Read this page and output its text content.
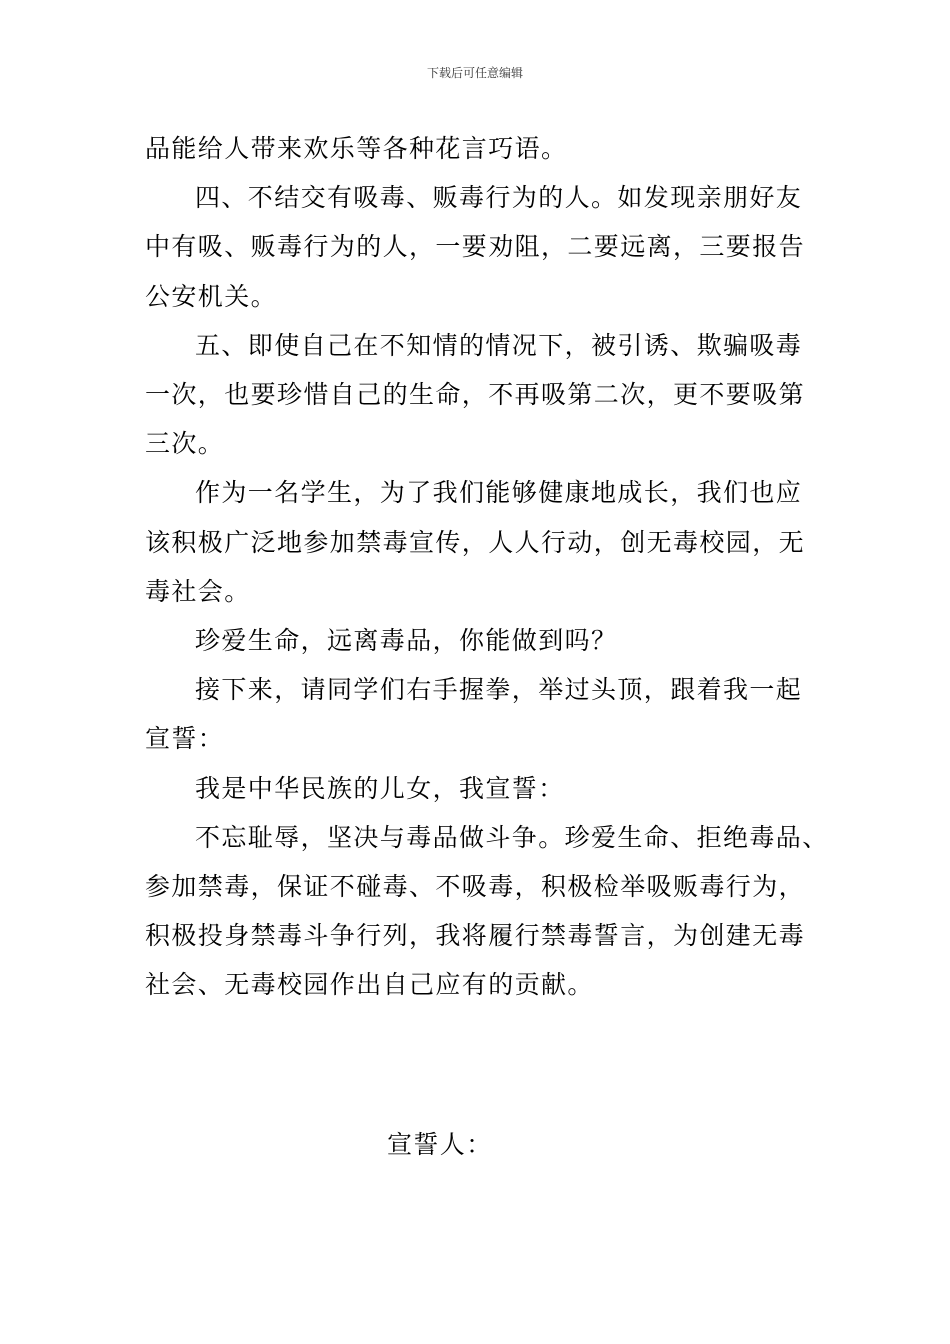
下载后可任意编辑
品能给人带来欢乐等各种花言巧语。
四、不结交有吸毒、贩毒行为的人。如发现亲朋好友
中有吸、贩毒行为的人，一要劝阻，二要远离，三要报告
公安机关。
五、即使自己在不知情的情况下，被引诱、欺骗吸毒
一次，也要珍惜自己的生命，不再吸第二次，更不要吸第
三次。
作为一名学生，为了我们能够健康地成长，我们也应
该积极广泛地参加禁毒宣传，人人行动，创无毒校园，无
毒社会。
珍爱生命，远离毒品，你能做到吗？
接下来，请同学们右手握拳，举过头顶，跟着我一起
宣誓：
我是中华民族的儿女，我宣誓：
不忘耻辱，坚决与毒品做斗争。珍爱生命、拒绝毒品、
参加禁毒，保证不碰毒、不吸毒，积极检举吸贩毒行为，
积极投身禁毒斗争行列，我将履行禁毒誓言，为创建无毒
社会、无毒校园作出自己应有的贡献。
宣誓人：
